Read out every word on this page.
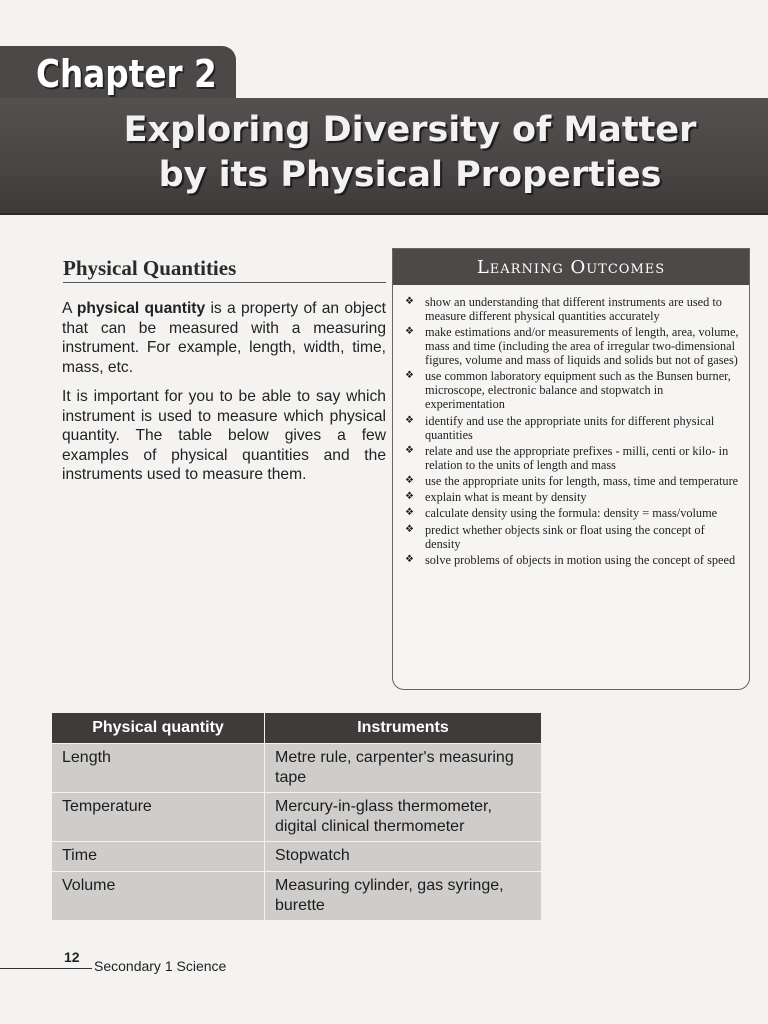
Chapter 2
Exploring Diversity of Matter
by its Physical Properties
Physical Quantities

A physical quantity is a property of an object that can be measured with a measuring instrument. For example, length, width, time, mass, etc.

It is important for you to be able to say which instrument is used to measure which physical quantity. The table below gives a few examples of physical quantities and the instruments used to measure them.

Learning Outcomes
❖ show an understanding that different instruments are used to measure different physical quantities accurately
❖ make estimations and/or measurements of length, area, volume, mass and time (including the area of irregular two-dimensional figures, volume and mass of liquids and solids but not of gases)
❖ use common laboratory equipment such as the Bunsen burner, microscope, electronic balance and stopwatch in experimentation
❖ identify and use the appropriate units for different physical quantities
❖ relate and use the appropriate prefixes - milli, centi or kilo- in relation to the units of length and mass
❖ use the appropriate units for length, mass, time and temperature
❖ explain what is meant by density
❖ calculate density using the formula: density = mass/volume
❖ predict whether objects sink or float using the concept of density
❖ solve problems of objects in motion using the concept of speed
Physical quantity	Instruments
Length	Metre rule, carpenter's measuring tape
Temperature	Mercury-in-glass thermometer, digital clinical thermometer
Time	Stopwatch
Volume	Measuring cylinder, gas syringe, burette
12
Secondary 1 Science
